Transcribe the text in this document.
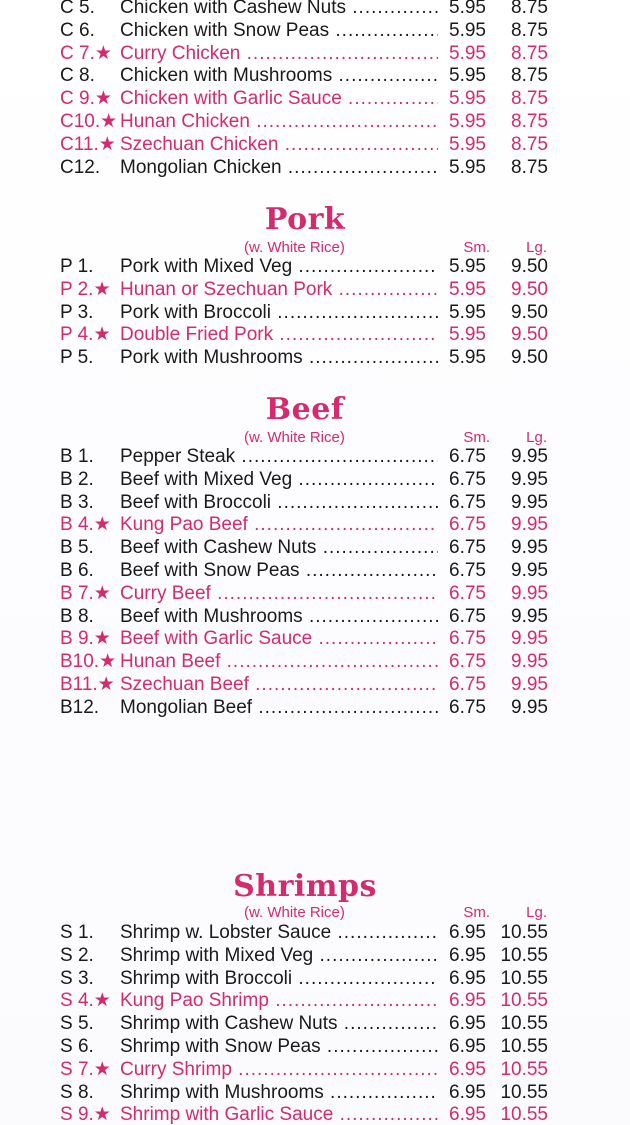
C 5.	Chicken with Cashew Nuts .....	5.95	8.75
C 6.	Chicken with Snow Peas .....	5.95	8.75
C 7.★ Curry Chicken .....	5.95	8.75
C 8.	Chicken with Mushrooms .....	5.95	8.75
C 9.★ Chicken with Garlic Sauce .....	5.95	8.75
C10.★ Hunan Chicken .....	5.95	8.75
C11.★ Szechuan Chicken .....	5.95	8.75
C12.	Mongolian Chicken .....	5.95	8.75
Pork
(w. White Rice)	Sm.	Lg.
P 1.	Pork with Mixed Veg .....	5.95	9.50
P 2.★ Hunan or Szechuan Pork .....	5.95	9.50
P 3.	Pork with Broccoli .....	5.95	9.50
P 4.★ Double Fried Pork .....	5.95	9.50
P 5.	Pork with Mushrooms .....	5.95	9.50
Beef
(w. White Rice)	Sm.	Lg.
B 1.	Pepper Steak .....	6.75	9.95
B 2.	Beef with Mixed Veg .....	6.75	9.95
B 3.	Beef with Broccoli .....	6.75	9.95
B 4.★ Kung Pao Beef .....	6.75	9.95
B 5.	Beef with Cashew Nuts .....	6.75	9.95
B 6.	Beef with Snow Peas .....	6.75	9.95
B 7.★ Curry Beef .....	6.75	9.95
B 8.	Beef with Mushrooms .....	6.75	9.95
B 9.★ Beef with Garlic Sauce .....	6.75	9.95
B10.★ Hunan Beef .....	6.75	9.95
B11.★ Szechuan Beef .....	6.75	9.95
B12.	Mongolian Beef .....	6.75	9.95
Shrimps
(w. White Rice)	Sm.	Lg.
S 1.	Shrimp w. Lobster Sauce .....	6.95 10.55
S 2.	Shrimp with Mixed Veg .....	6.95 10.55
S 3.	Shrimp with Broccoli .....	6.95 10.55
S 4.★ Kung Pao Shrimp .....	6.95 10.55
S 5.	Shrimp with Cashew Nuts .....	6.95 10.55
S 6.	Shrimp with Snow Peas .....	6.95 10.55
S 7.★ Curry Shrimp .....	6.95 10.55
S 8.	Shrimp with Mushrooms .....	6.95 10.55
S 9.★ Shrimp with Garlic Sauce .....	6.95 10.55
